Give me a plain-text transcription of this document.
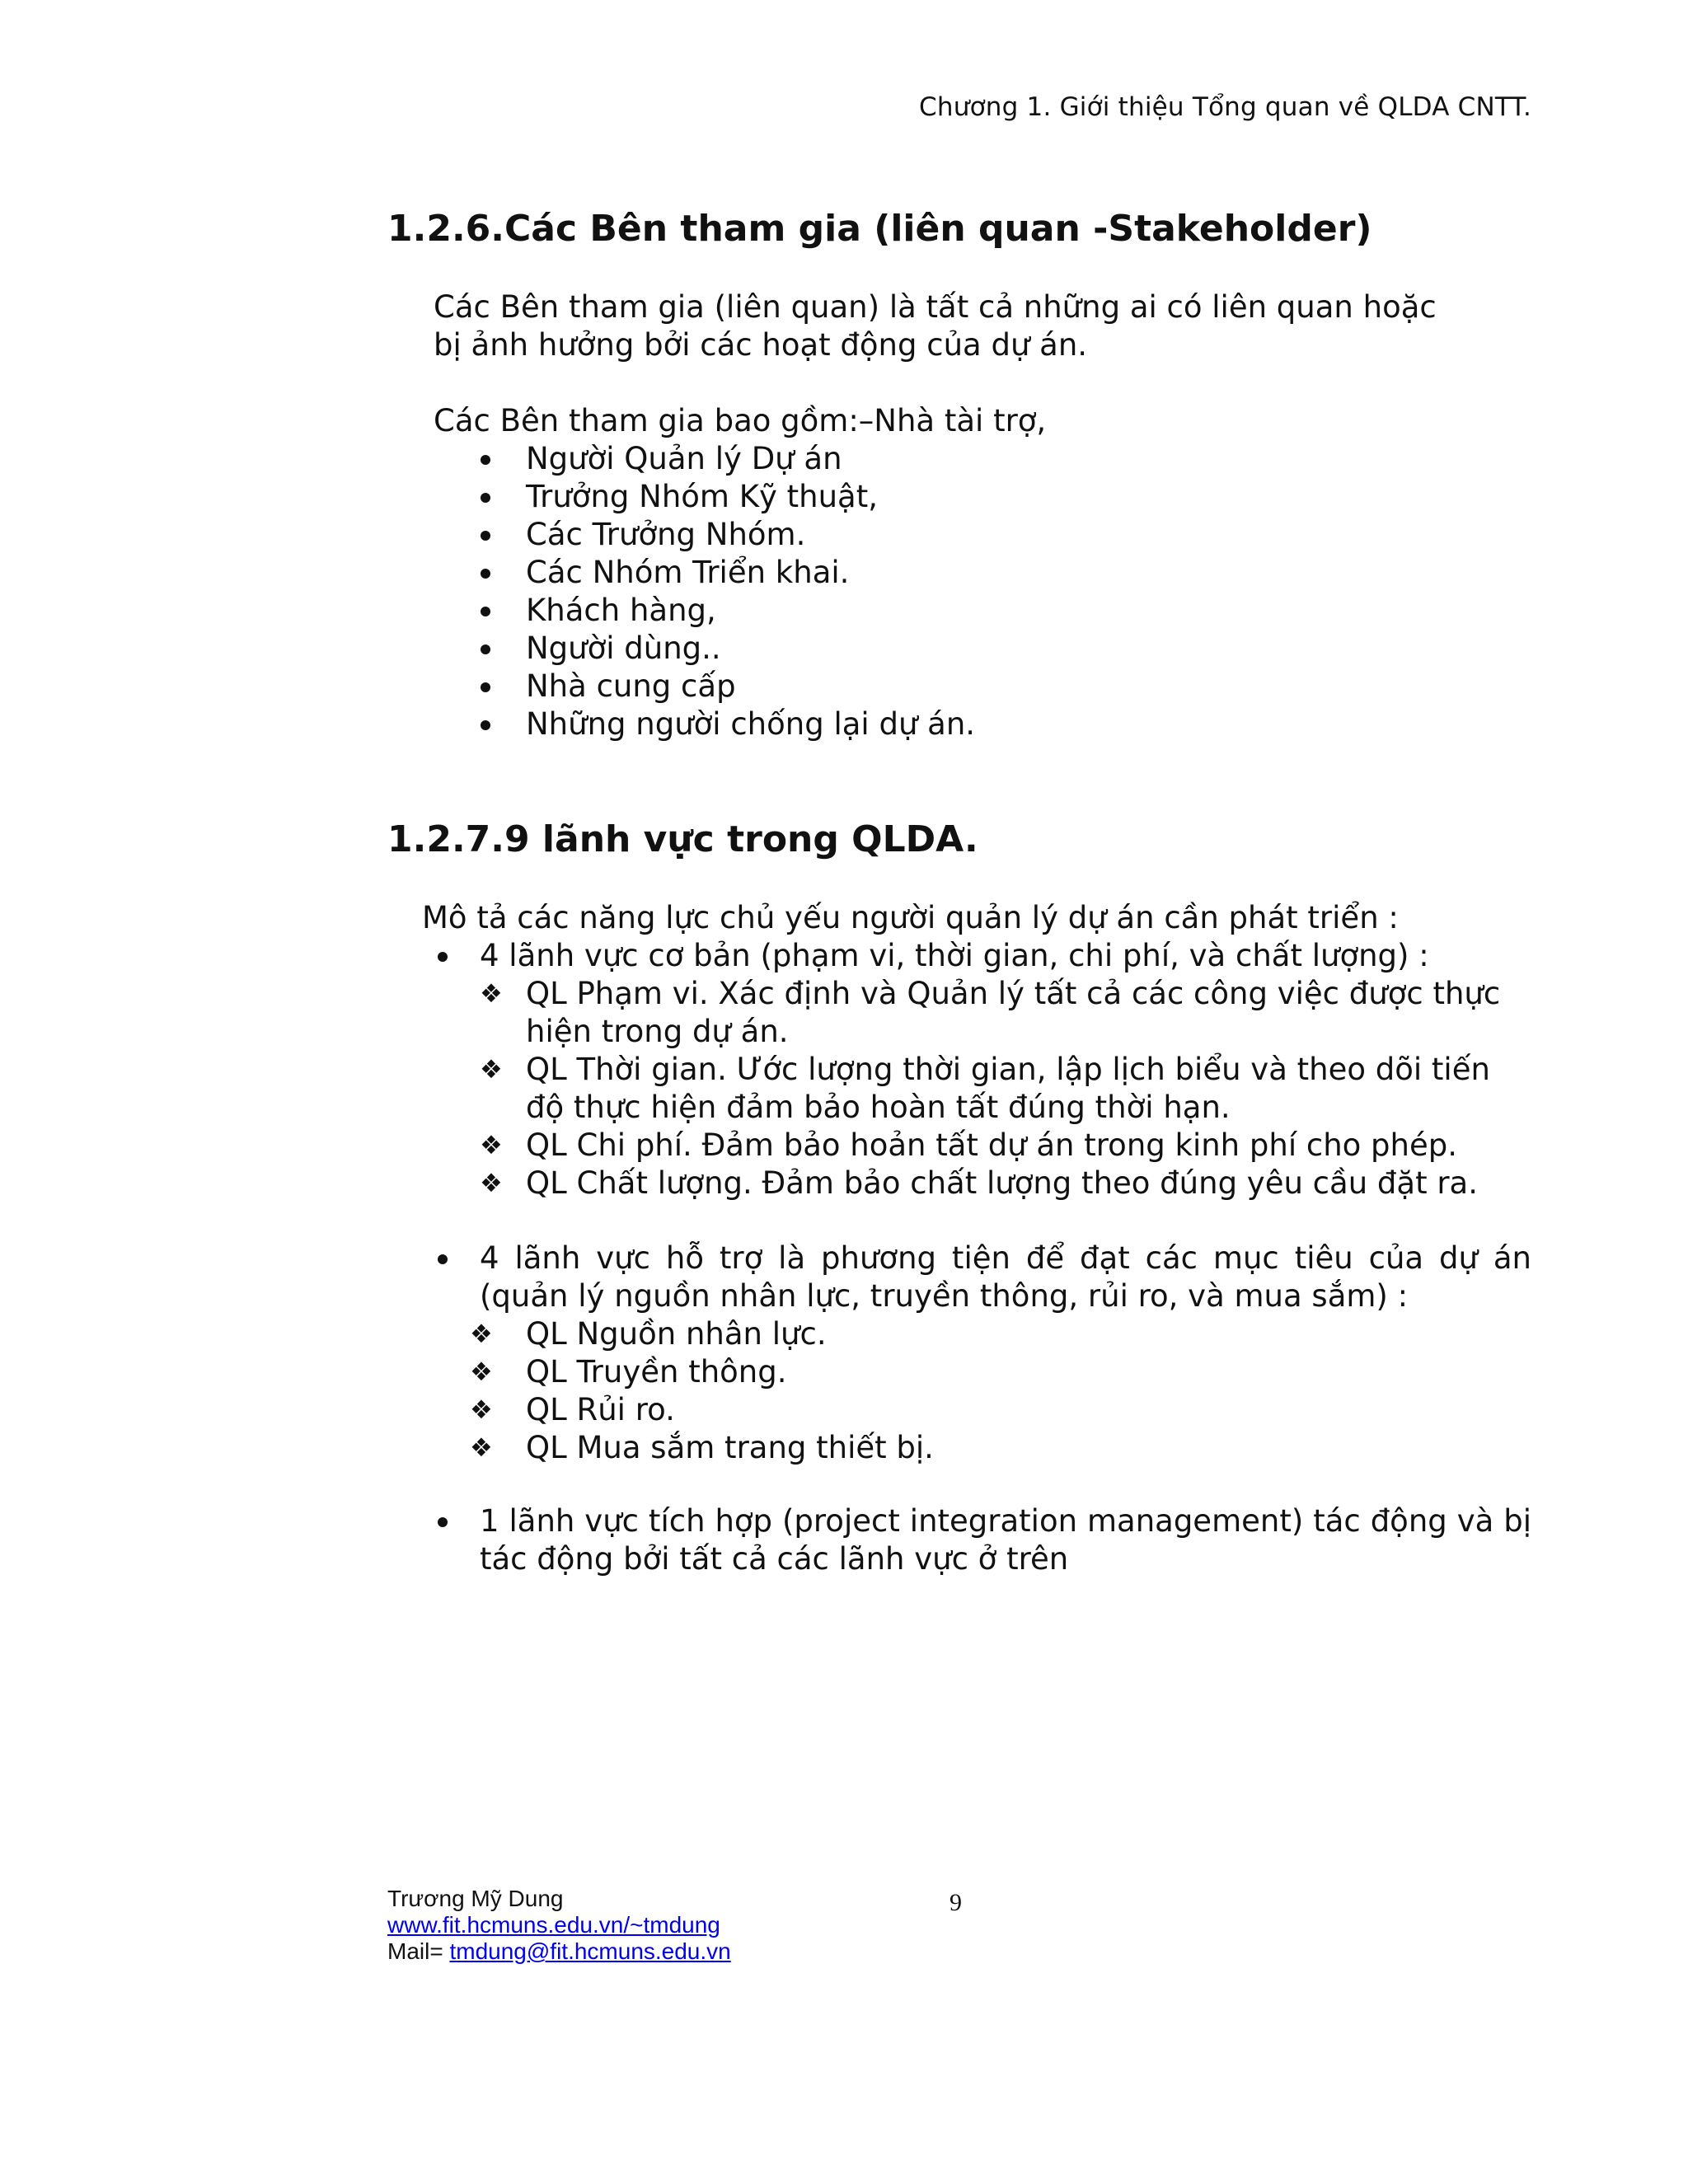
Chương 1. Giới thiệu Tổng quan về QLDA CNTT.
1.2.6.Các Bên tham gia (liên quan -Stakeholder)
Các Bên tham gia (liên quan) là tất cả những ai có liên quan hoặc bị ảnh hưởng bởi các hoạt động của dự án.
Các Bên tham gia bao gồm:–Nhà tài trợ,
Người Quản lý Dự án
Trưởng Nhóm Kỹ thuật,
Các Trưởng Nhóm.
Các Nhóm Triển khai.
Khách hàng,
Người dùng..
Nhà cung cấp
Những người chống lại dự án.
1.2.7.9 lãnh vực trong QLDA.
Mô tả các năng lực chủ yếu người quản lý dự án cần phát triển :
4 lãnh vực cơ bản (phạm vi, thời gian, chi phí, và chất lượng) :
❖ QL Phạm vi. Xác định và Quản lý tất cả các công việc được thực hiện trong dự án.
❖ QL Thời gian. Ước lượng thời gian, lập lịch biểu và theo dõi tiến độ thực hiện đảm bảo hoàn tất đúng thời hạn.
❖ QL Chi phí. Đảm bảo hoản tất dự án trong kinh phí cho phép.
❖ QL Chất lượng. Đảm bảo chất lượng theo đúng yêu cầu đặt ra.
4 lãnh vực hỗ trợ là phương tiện để đạt các mục tiêu của dự án (quản lý nguồn nhân lực, truyền thông, rủi ro, và mua sắm) :
❖ QL Nguồn nhân lực.
❖ QL Truyền thông.
❖ QL Rủi ro.
❖ QL Mua sắm trang thiết bị.
1 lãnh vực tích hợp (project integration management) tác động và bị tác động bởi tất cả các lãnh vực ở trên
Trương Mỹ Dung
www.fit.hcmuns.edu.vn/~tmdung
Mail= tmdung@fit.hcmuns.edu.vn
9
